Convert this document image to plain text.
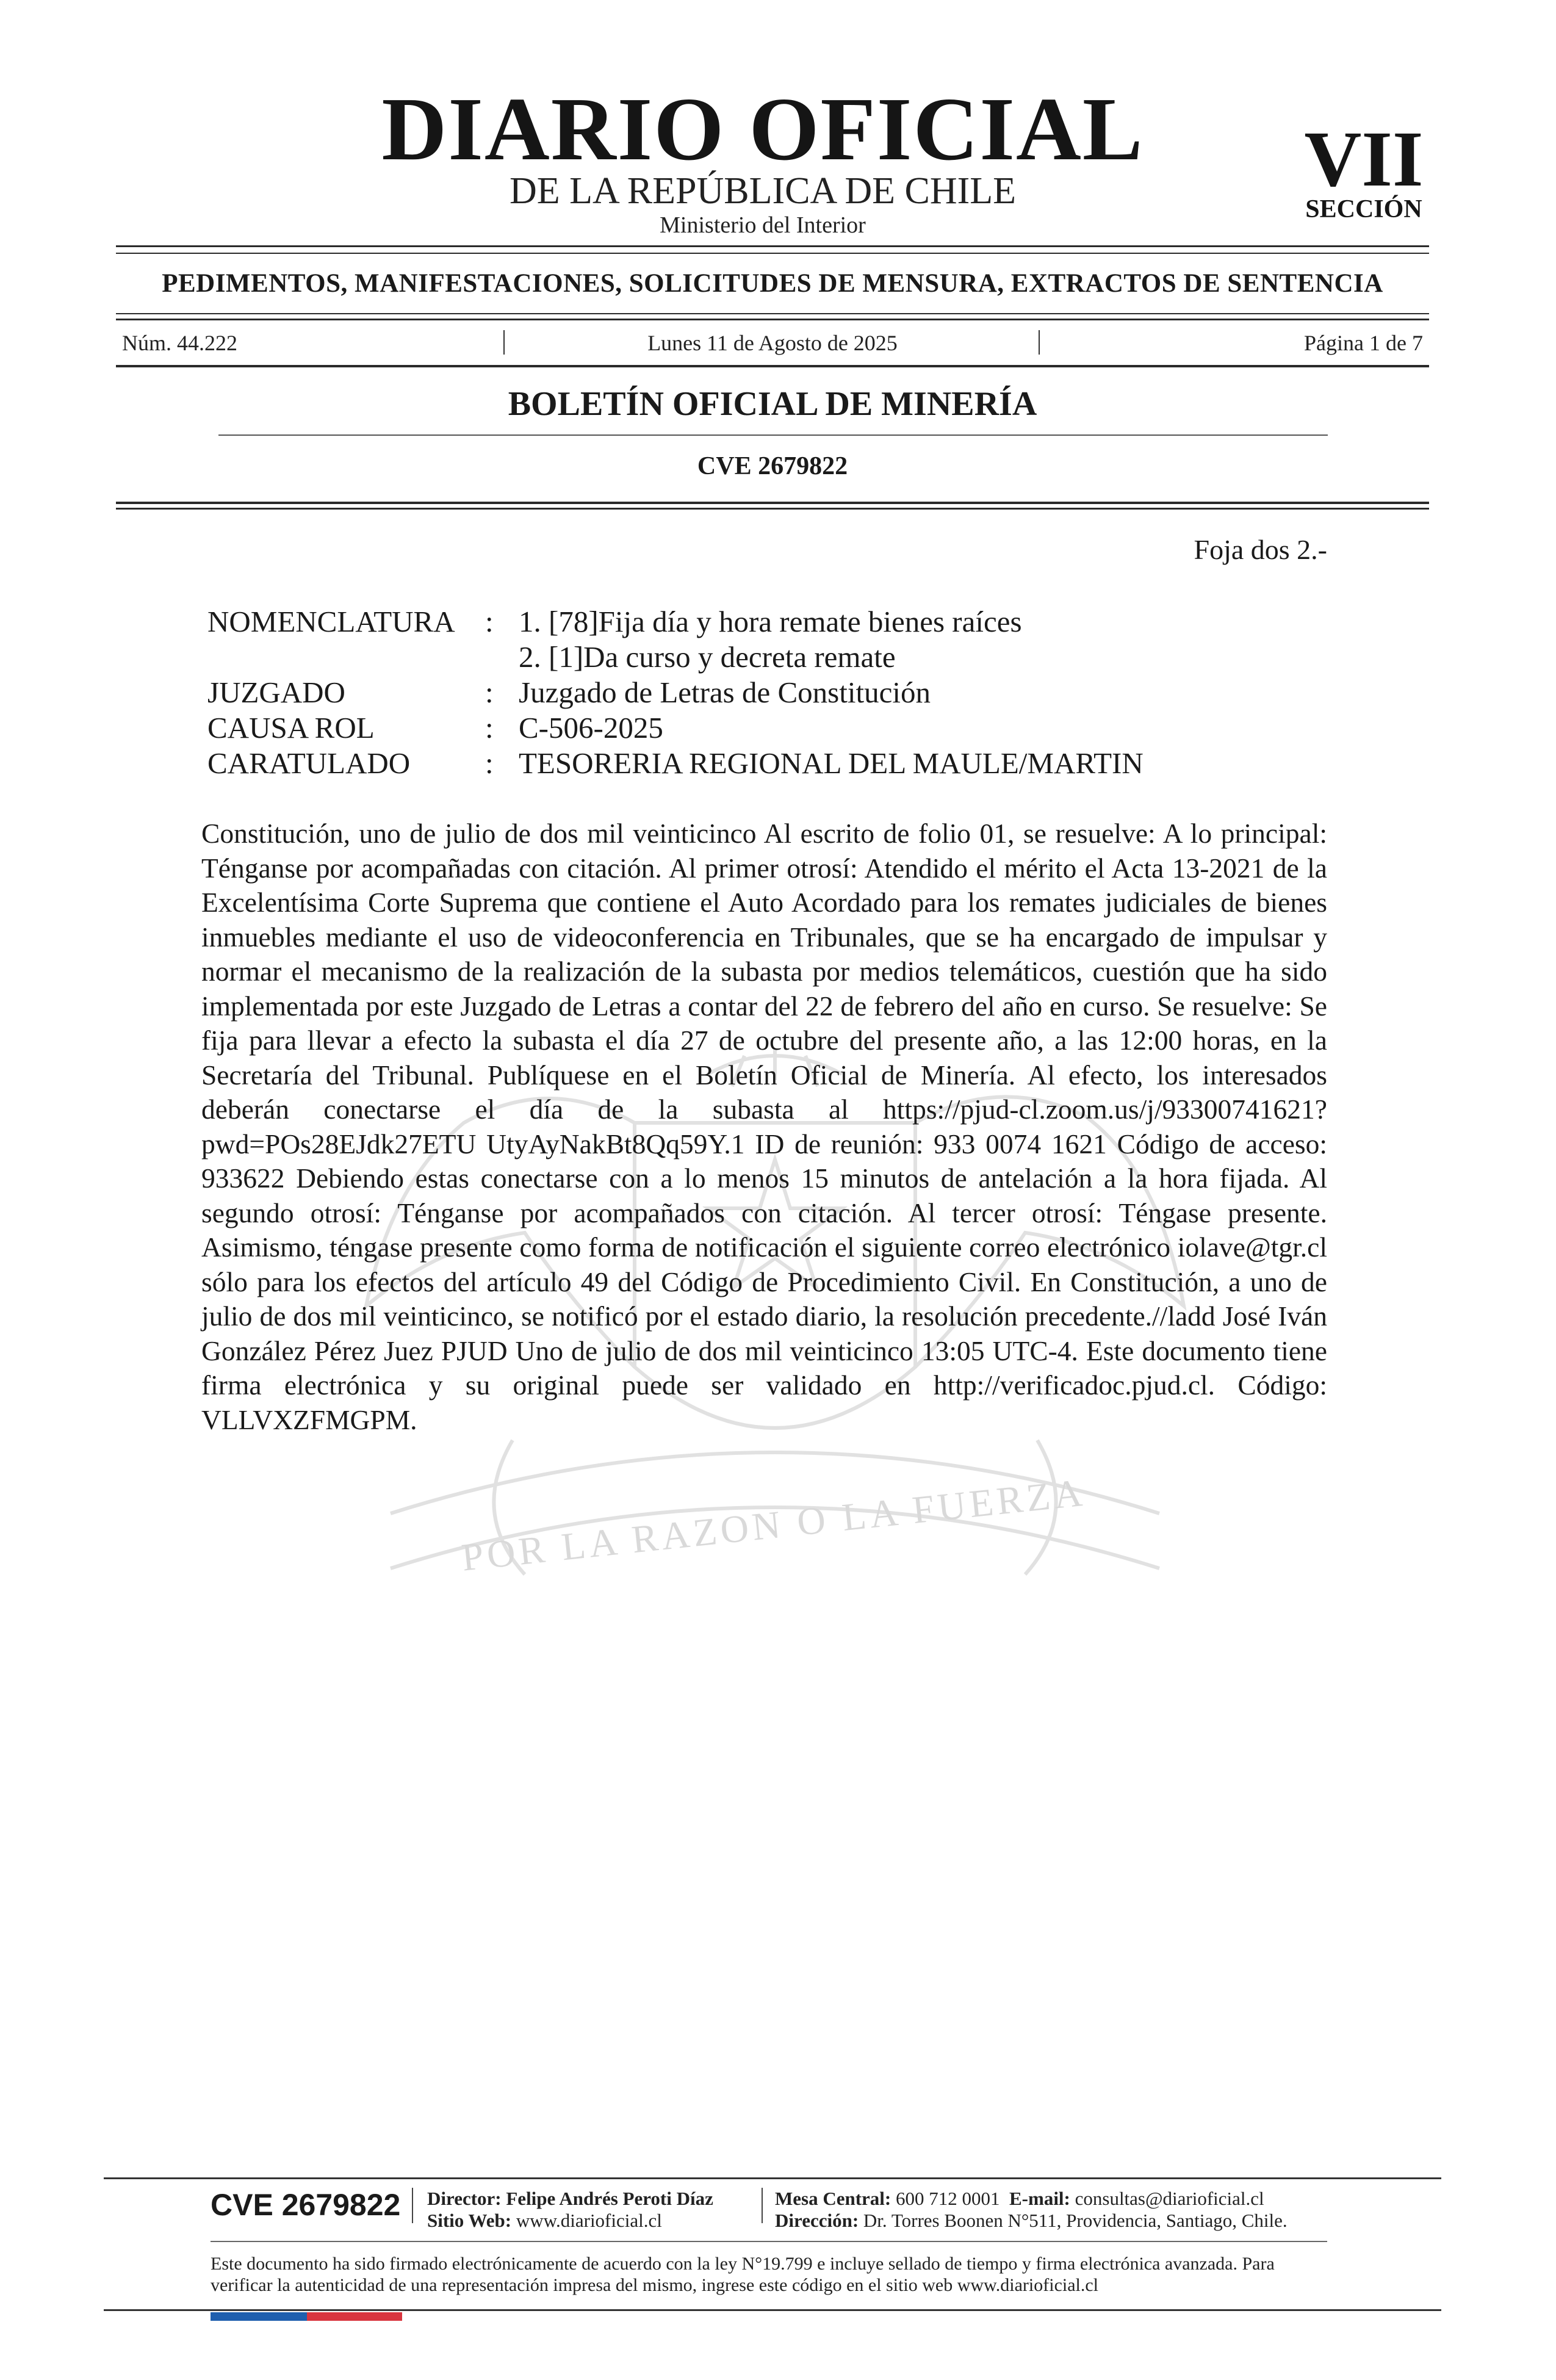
DIARIO OFICIAL
DE LA REPÚBLICA DE CHILE
Ministerio del Interior
VII
SECCIÓN
PEDIMENTOS, MANIFESTACIONES, SOLICITUDES DE MENSURA, EXTRACTOS DE SENTENCIA
Núm. 44.222	Lunes 11 de Agosto de 2025	Página 1 de 7
BOLETÍN OFICIAL DE MINERÍA
CVE 2679822
Foja dos 2.-
NOMENCLATURA : 1. [78]Fija día y hora remate bienes raíces
2. [1]Da curso y decreta remate
JUZGADO	: Juzgado de Letras de Constitución
CAUSA ROL	: C-506-2025
CARATULADO	: TESORERIA REGIONAL DEL MAULE/MARTIN
POR LA RAZON O LA FUERZA
Constitución, uno de julio de dos mil veinticinco Al escrito de folio 01, se resuelve: A lo principal: Ténganse por acompañadas con citación. Al primer otrosí: Atendido el mérito el Acta 13-2021 de la Excelentísima Corte Suprema que contiene el Auto Acordado para los remates judiciales de bienes inmuebles mediante el uso de videoconferencia en Tribunales, que se ha encargado de impulsar y normar el mecanismo de la realización de la subasta por medios telemáticos, cuestión que ha sido implementada por este Juzgado de Letras a contar del 22 de febrero del año en curso. Se resuelve: Se fija para llevar a efecto la subasta el día 27 de octubre del presente año, a las 12:00 horas, en la Secretaría del Tribunal. Publíquese en el Boletín Oficial de Minería. Al efecto, los interesados deberán conectarse el día de la subasta al https://pjud-cl.zoom.us/j/93300741621?pwd=POs28EJdk27ETU UtyAyNakBt8Qq59Y.1 ID de reunión: 933 0074 1621 Código de acceso: 933622 Debiendo estas conectarse con a lo menos 15 minutos de antelación a la hora fijada. Al segundo otrosí: Ténganse por acompañados con citación. Al tercer otrosí: Téngase presente. Asimismo, téngase presente como forma de notificación el siguiente correo electrónico iolave@tgr.cl sólo para los efectos del artículo 49 del Código de Procedimiento Civil. En Constitución, a uno de julio de dos mil veinticinco, se notificó por el estado diario, la resolución precedente.//ladd José Iván González Pérez Juez PJUD Uno de julio de dos mil veinticinco 13:05 UTC-4. Este documento tiene firma electrónica y su original puede ser validado en http://verificadoc.pjud.cl. Código: VLLVXZFMGPM.
CVE 2679822 Director: Felipe Andrés Peroti Díaz
Sitio Web: www.diarioficial.cl
Mesa Central: 600 712 0001 E-mail: consultas@diarioficial.cl
Dirección: Dr. Torres Boonen N°511, Providencia, Santiago, Chile.
Este documento ha sido firmado electrónicamente de acuerdo con la ley N°19.799 e incluye sellado de tiempo y firma electrónica avanzada. Para verificar la autenticidad de una representación impresa del mismo, ingrese este código en el sitio web www.diarioficial.cl
